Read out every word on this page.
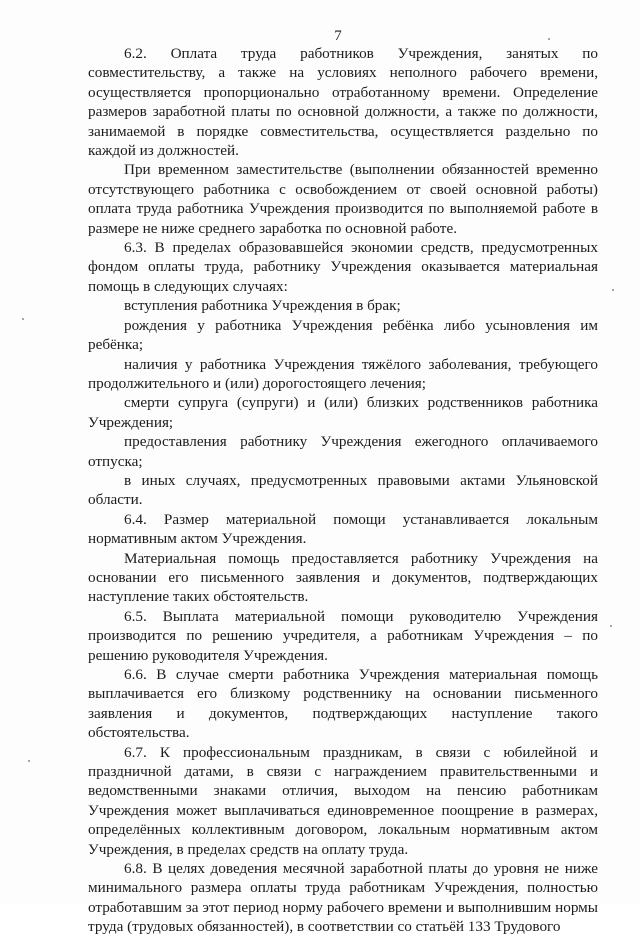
7

6.2. Оплата труда работников Учреждения, занятых по совместительству, а также на условиях неполного рабочего времени, осуществляется пропорционально отработанному времени. Определение размеров заработной платы по основной должности, а также по должности, занимаемой в порядке совместительства, осуществляется раздельно по каждой из должностей.

При временном заместительстве (выполнении обязанностей временно отсутствующего работника с освобождением от своей основной работы) оплата труда работника Учреждения производится по выполняемой работе в размере не ниже среднего заработка по основной работе.

6.3. В пределах образовавшейся экономии средств, предусмотренных фондом оплаты труда, работнику Учреждения оказывается материальная помощь в следующих случаях:

вступления работника Учреждения в брак;

рождения у работника Учреждения ребёнка либо усыновления им ребёнка;

наличия у работника Учреждения тяжёлого заболевания, требующего продолжительного и (или) дорогостоящего лечения;

смерти супруга (супруги) и (или) близких родственников работника Учреждения;

предоставления работнику Учреждения ежегодного оплачиваемого отпуска;

в иных случаях, предусмотренных правовыми актами Ульяновской области.

6.4. Размер материальной помощи устанавливается локальным нормативным актом Учреждения.

Материальная помощь предоставляется работнику Учреждения на основании его письменного заявления и документов, подтверждающих наступление таких обстоятельств.

6.5. Выплата материальной помощи руководителю Учреждения производится по решению учредителя, а работникам Учреждения – по решению руководителя Учреждения.

6.6. В случае смерти работника Учреждения материальная помощь выплачивается его близкому родственнику на основании письменного заявления и документов, подтверждающих наступление такого обстоятельства.

6.7. К профессиональным праздникам, в связи с юбилейной и праздничной датами, в связи с награждением правительственными и ведомственными знаками отличия, выходом на пенсию работникам Учреждения может выплачиваться единовременное поощрение в размерах, определённых коллективным договором, локальным нормативным актом Учреждения, в пределах средств на оплату труда.

6.8. В целях доведения месячной заработной платы до уровня не ниже минимального размера оплаты труда работникам Учреждения, полностью отработавшим за этот период норму рабочего времени и выполнившим нормы труда (трудовых обязанностей), в соответствии со статьёй 133 Трудового
